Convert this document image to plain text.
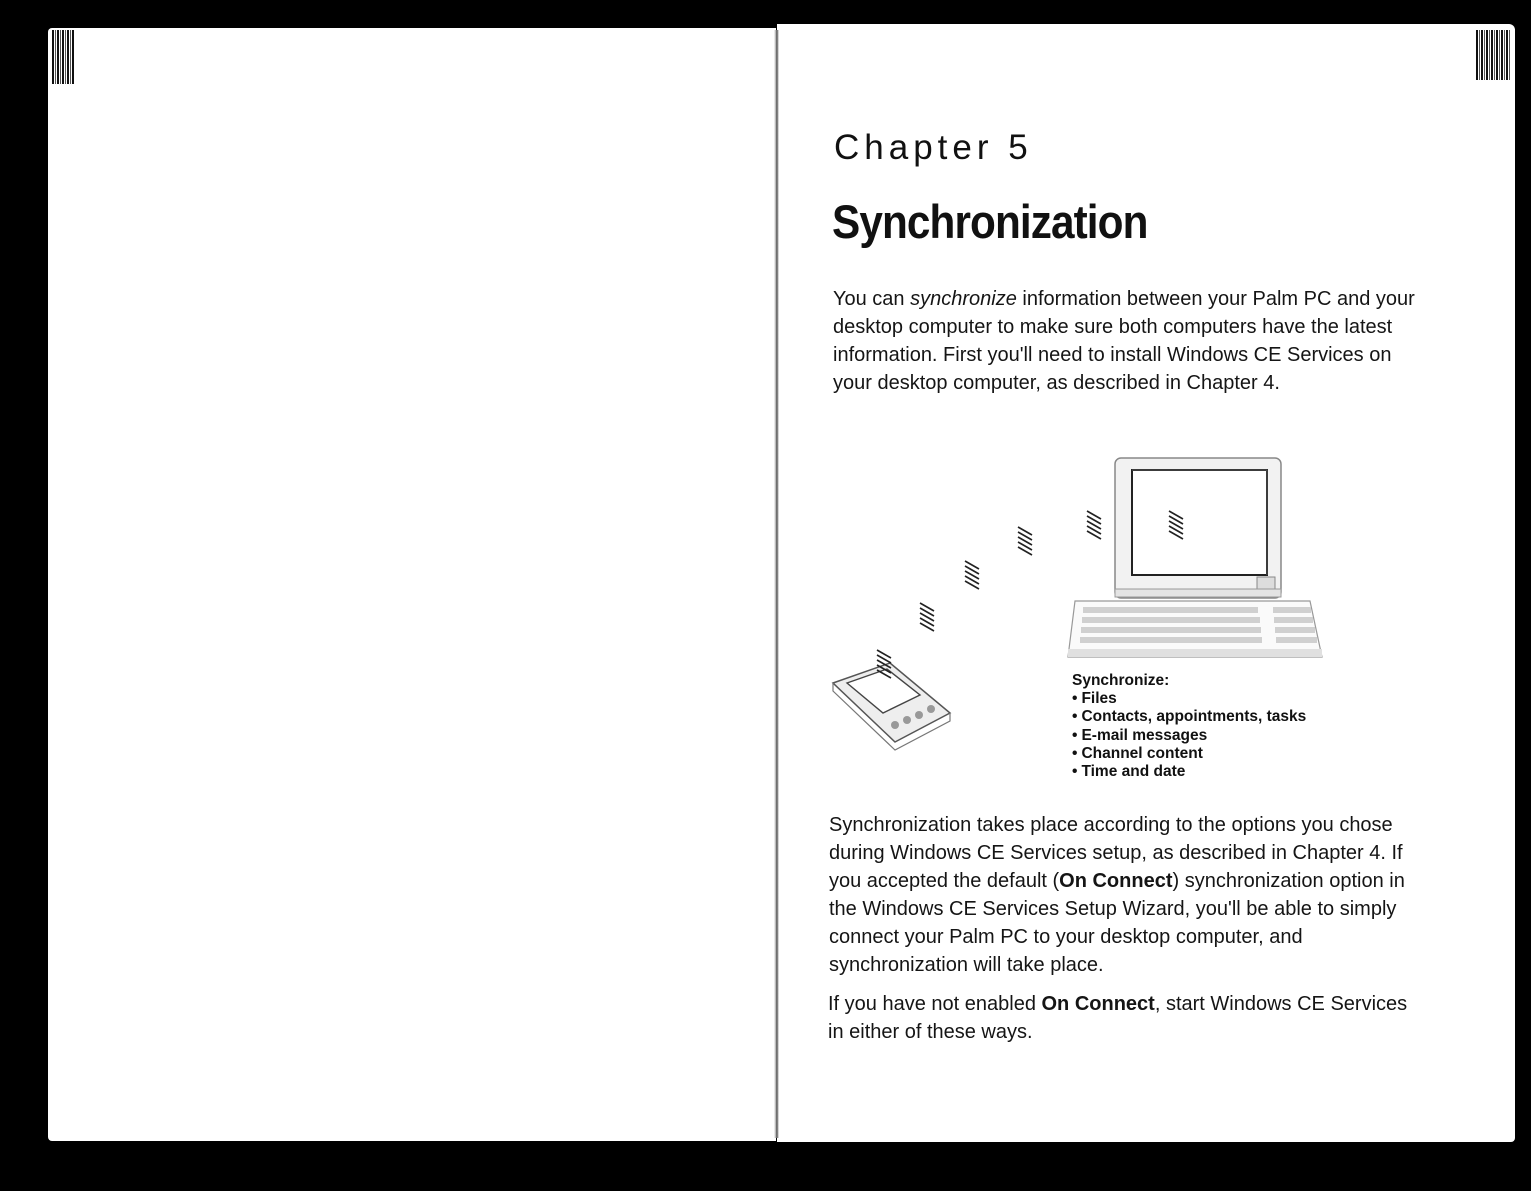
Chapter 5
Synchronization

You can synchronize information between your Palm PC and your desktop computer to make sure both computers have the latest information. First you'll need to install Windows CE Services on your desktop computer, as described in Chapter 4.

Synchronize:
• Files
• Contacts, appointments, tasks
• E-mail messages
• Channel content
• Time and date

Synchronization takes place according to the options you chose during Windows CE Services setup, as described in Chapter 4. If you accepted the default (On Connect) synchronization option in the Windows CE Services Setup Wizard, you'll be able to simply connect your Palm PC to your desktop computer, and synchronization will take place.

If you have not enabled On Connect, start Windows CE Services in either of these ways.
